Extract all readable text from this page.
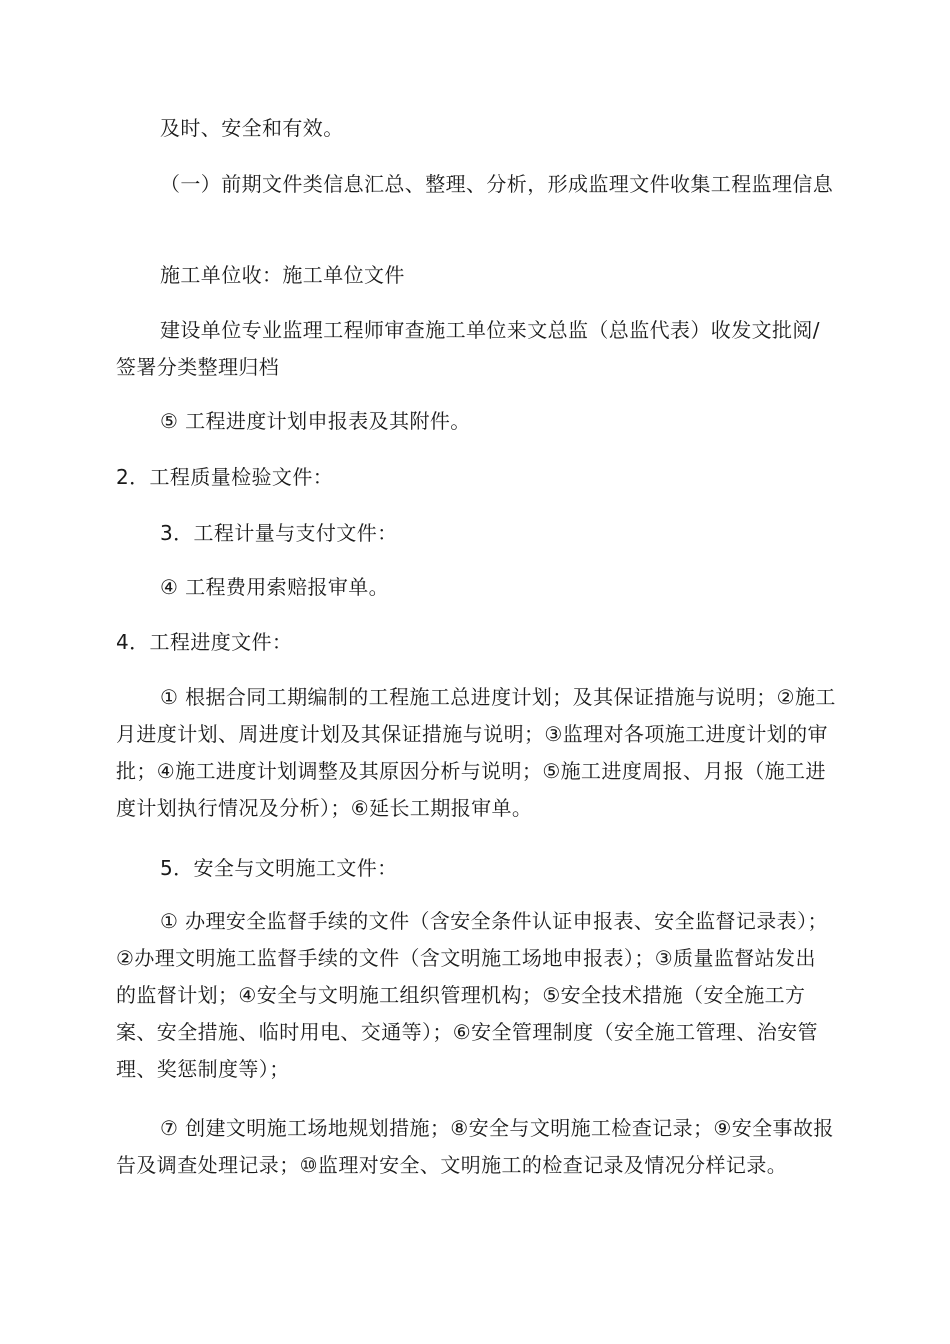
及时、安全和有效。

（一）前期文件类信息汇总、整理、分析，形成监理文件收集工程监理信息

施工单位收：施工单位文件

建设单位专业监理工程师审查施工单位来文总监（总监代表）收发文批阅/签署分类整理归档

⑤ 工程进度计划申报表及其附件。

2．工程质量检验文件：

3．工程计量与支付文件：

④ 工程费用索赔报审单。

4．工程进度文件：

① 根据合同工期编制的工程施工总进度计划；及其保证措施与说明；②施工月进度计划、周进度计划及其保证措施与说明；③监理对各项施工进度计划的审批；④施工进度计划调整及其原因分析与说明；⑤施工进度周报、月报（施工进度计划执行情况及分析）；⑥延长工期报审单。

5．安全与文明施工文件：

① 办理安全监督手续的文件（含安全条件认证申报表、安全监督记录表）；②办理文明施工监督手续的文件（含文明施工场地申报表）；③质量监督站发出的监督计划；④安全与文明施工组织管理机构；⑤安全技术措施（安全施工方案、安全措施、临时用电、交通等）；⑥安全管理制度（安全施工管理、治安管理、奖惩制度等）；

⑦ 创建文明施工场地规划措施；⑧安全与文明施工检查记录；⑨安全事故报告及调查处理记录；⑩监理对安全、文明施工的检查记录及情况分样记录。
